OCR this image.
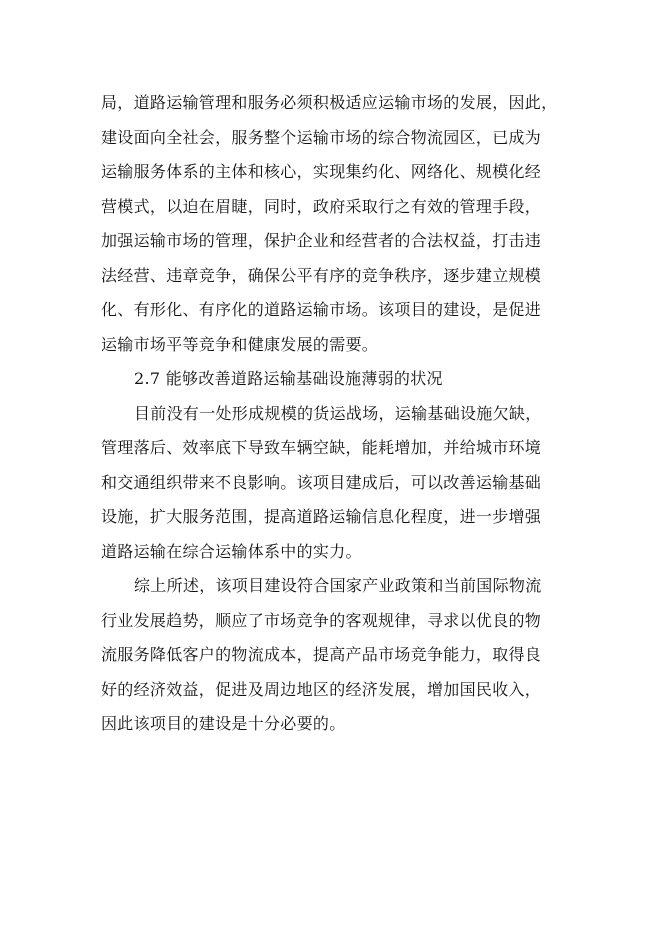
局，道路运输管理和服务必须积极适应运输市场的发展，因此，
建设面向全社会，服务整个运输市场的综合物流园区，已成为
运输服务体系的主体和核心，实现集约化、网络化、规模化经
营模式，以迫在眉睫，同时，政府采取行之有效的管理手段，
加强运输市场的管理，保护企业和经营者的合法权益，打击违
法经营、违章竞争，确保公平有序的竞争秩序，逐步建立规模
化、有形化、有序化的道路运输市场。该项目的建设，是促进
运输市场平等竞争和健康发展的需要。
2.7 能够改善道路运输基础设施薄弱的状况
目前没有一处形成规模的货运战场，运输基础设施欠缺，
管理落后、效率底下导致车辆空缺，能耗增加，并给城市环境
和交通组织带来不良影响。该项目建成后，可以改善运输基础
设施，扩大服务范围，提高道路运输信息化程度，进一步增强
道路运输在综合运输体系中的实力。
综上所述，该项目建设符合国家产业政策和当前国际物流
行业发展趋势，顺应了市场竞争的客观规律，寻求以优良的物
流服务降低客户的物流成本，提高产品市场竞争能力，取得良
好的经济效益，促进及周边地区的经济发展，增加国民收入，
因此该项目的建设是十分必要的。
